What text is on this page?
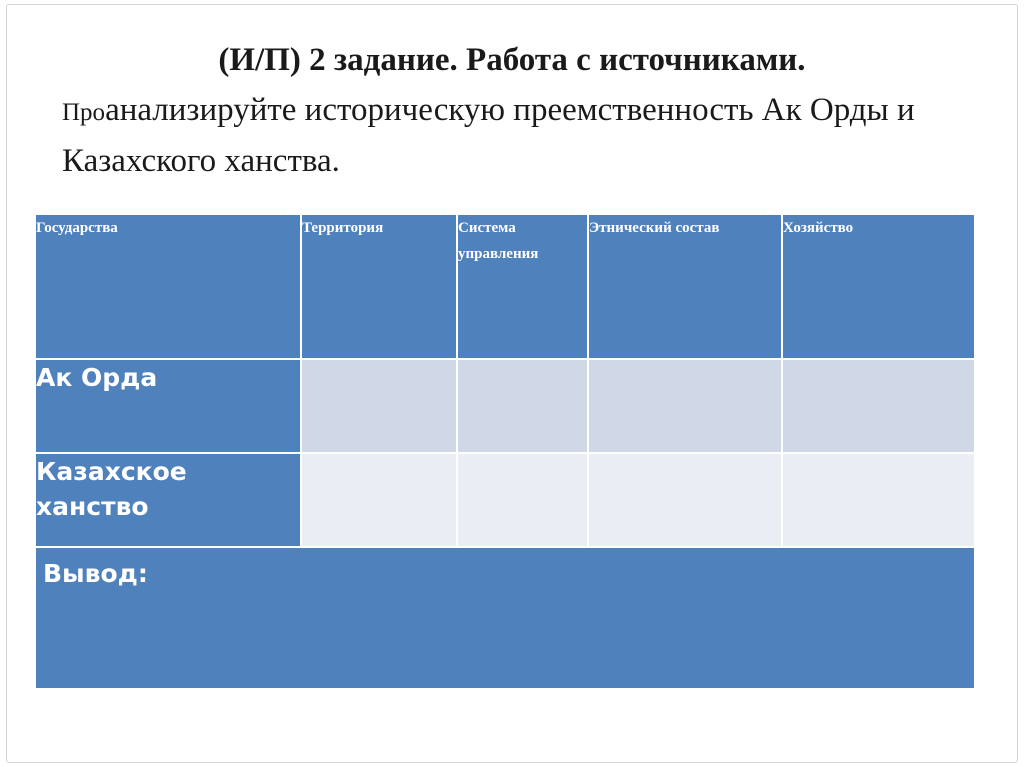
(И/П) 2 задание. Работа с источниками.

Проанализируйте историческую преемственность Ак Орды и Казахского ханства.

Государства	Территория	Система управления	Этнический состав	Хозяйство
Ак Орда				
Казахское ханство				
Вывод:				
